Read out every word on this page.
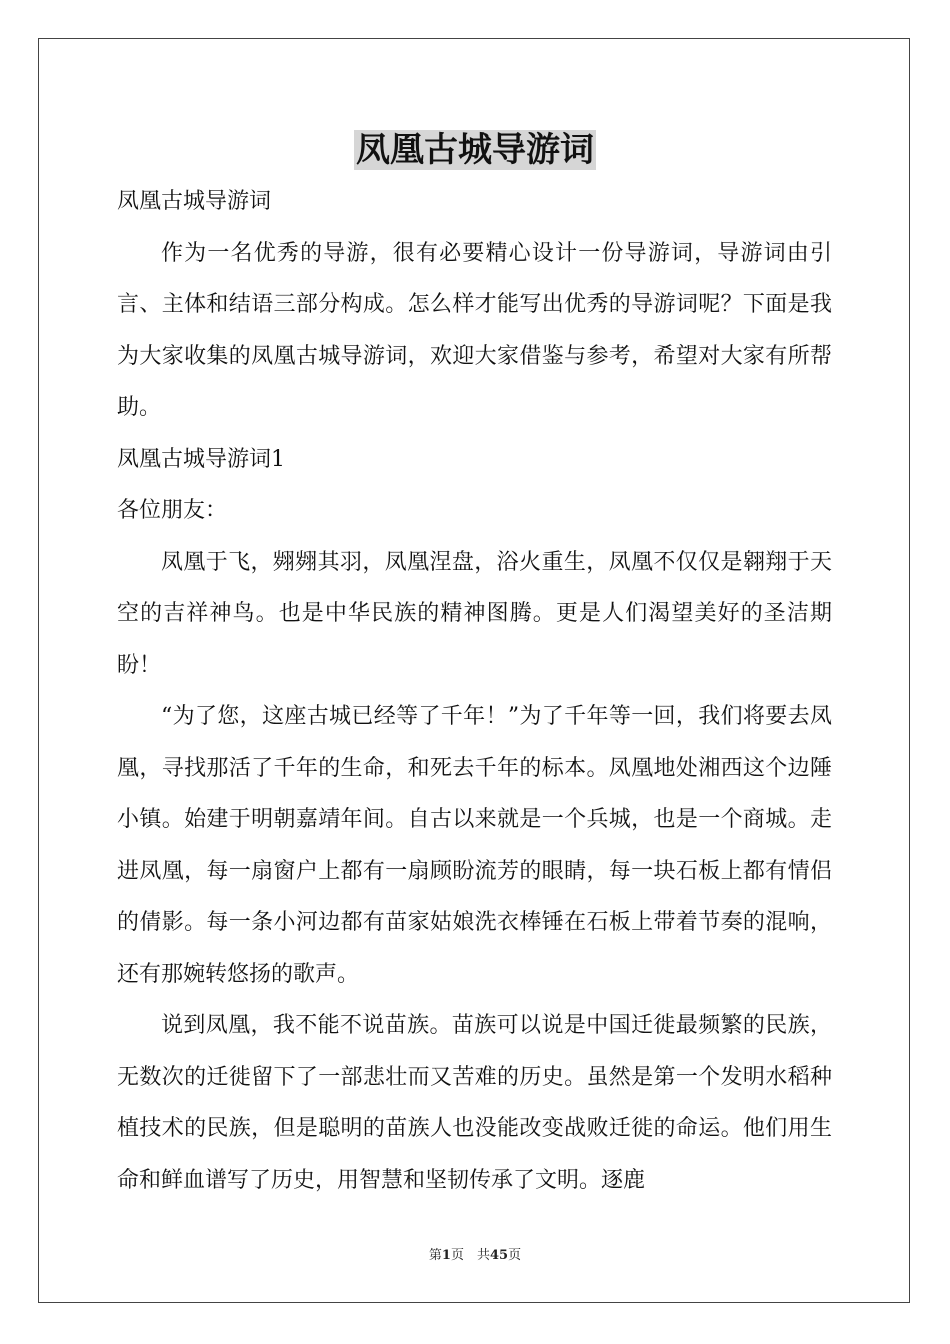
凤凰古城导游词

凤凰古城导游词

作为一名优秀的导游，很有必要精心设计一份导游词，导游词由引言、主体和结语三部分构成。怎么样才能写出优秀的导游词呢？下面是我为大家收集的凤凰古城导游词，欢迎大家借鉴与参考，希望对大家有所帮助。

凤凰古城导游词1

各位朋友：

凤凰于飞，翙翙其羽，凤凰涅盘，浴火重生，凤凰不仅仅是翱翔于天空的吉祥神鸟。也是中华民族的精神图腾。更是人们渴望美好的圣洁期盼！

“为了您，这座古城已经等了千年！”为了千年等一回，我们将要去凤凰，寻找那活了千年的生命，和死去千年的标本。凤凰地处湘西这个边陲小镇。始建于明朝嘉靖年间。自古以来就是一个兵城，也是一个商城。走进凤凰，每一扇窗户上都有一扇顾盼流芳的眼睛，每一块石板上都有情侣的倩影。每一条小河边都有苗家姑娘洗衣棒锤在石板上带着节奏的混响，还有那婉转悠扬的歌声。

说到凤凰，我不能不说苗族。苗族可以说是中国迁徙最频繁的民族，无数次的迁徙留下了一部悲壮而又苦难的历史。虽然是第一个发明水稻种植技术的民族，但是聪明的苗族人也没能改变战败迁徙的命运。他们用生命和鲜血谱写了历史，用智慧和坚韧传承了文明。逐鹿

第1页　共45页
